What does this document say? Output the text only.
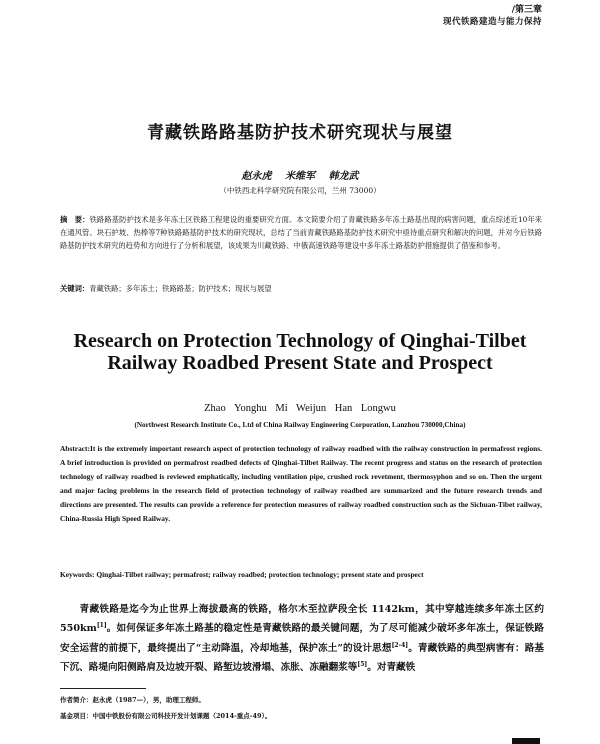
/第三章
现代铁路建造与能力保持
青藏铁路路基防护技术研究现状与展望
赵永虎 米维军 韩龙武
（中铁西北科学研究院有限公司，兰州 73000）
摘　要：铁路路基防护技术是多年冻土区铁路工程建设的重要研究方面。本文简要介绍了青藏铁路多年冻土路基出现的病害问题，重点综述近10年来在通风管、块石护坡、热棒等7种铁路路基防护技术的研究现状，总结了当前青藏铁路路基防护技术研究中亟待重点研究和解决的问题，并对今后铁路路基防护技术研究的趋势和方向进行了分析和展望，该成果为川藏铁路、中俄高速铁路等建设中多年冻土路基防护措施提供了借鉴和参考。
关键词：青藏铁路；多年冻土；铁路路基；防护技术；现状与展望
Research on Protection Technology of Qinghai-Tilbet
Railway Roadbed Present State and Prospect
Zhao Yonghu Mi Weijun Han Longwu
(Northwest Research Institute Co., Ltd of China Railway Engineering Corporation, Lanzhou 730000,China)
Abstract:It is the extremely important research aspect of protection technology of railway roadbed with the railway construction in permafrost regions. A brief introduction is provided on permafrost roadbed defects of Qinghai-Tilbet Railway. The recent progress and status on the research of protection technology of railway roadbed is reviewed emphatically, including ventilation pipe, crushed rock revetment, thermosyphon and so on. Then the urgent and major facing problems in the research field of protection technology of railway roadbed are summarized and the future research trends and directions are presented. The results can provide a reference for protection measures of railway roadbed construction such as the Sichuan-Tibet railway, China-Russia High Speed Railway.
Keywords: Qinghai-Tilbet railway; permafrost; railway roadbed; protection technology; present state and prospect
  青藏铁路是迄今为止世界上海拔最高的铁路，格尔木至拉萨段全长 1142km，其中穿越连续多年冻土区约 550km[1]。如何保证多年冻土路基的稳定性是青藏铁路的最关键问题，为了尽可能减少破坏多年冻土，保证铁路安全运营的前提下，最终提出了“主动降温，冷却地基，保护冻土”的设计思想[2-4]。青藏铁路的典型病害有：路基下沉、路堤向阳侧路肩及边坡开裂、路堑边坡滑塌、冻胀、冻融翻浆等[5]。对青藏铁
作者简介：赵永虎（1987—），男，助理工程师。
基金项目：中国中铁股份有限公司科技开发计划课题（2014-重点-49）。
